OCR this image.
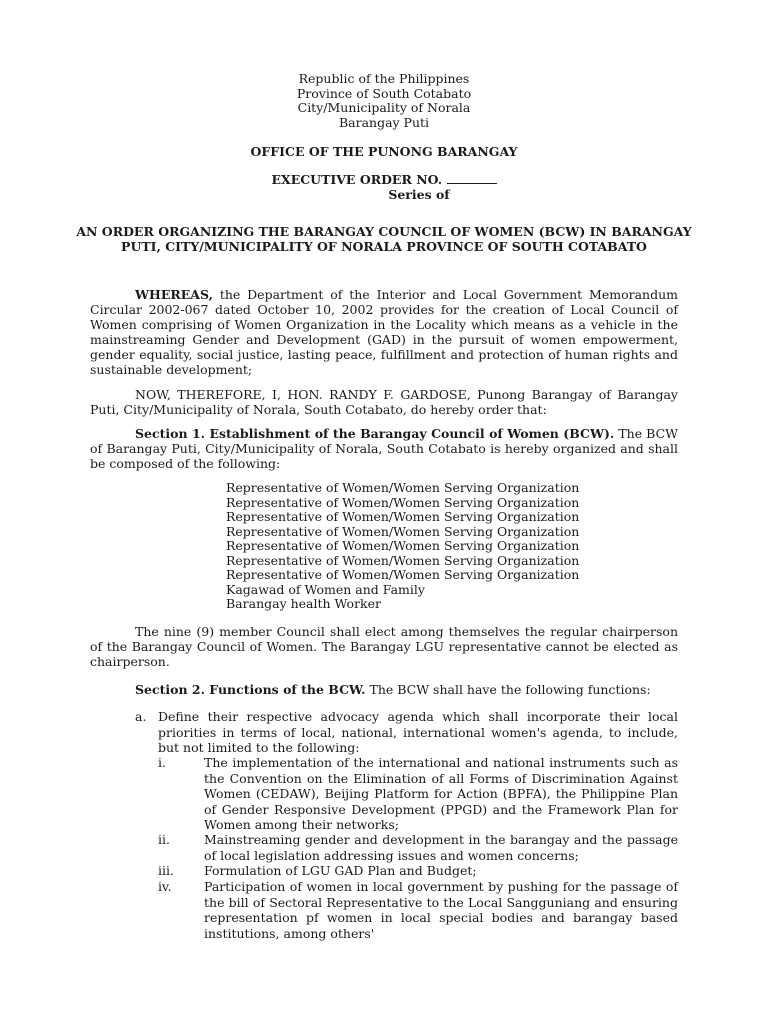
Republic of the Philippines
Province of South Cotabato
City/Municipality of Norala
Barangay Puti
OFFICE OF THE PUNONG BARANGAY
EXECUTIVE ORDER NO.
Series of
AN ORDER ORGANIZING THE BARANGAY COUNCIL OF WOMEN (BCW) IN BARANGAY
PUTI, CITY/MUNICIPALITY OF NORALA PROVINCE OF SOUTH COTABATO
WHEREAS, the Department of the Interior and Local Government Memorandum Circular 2002-067 dated October 10, 2002 provides for the creation of Local Council of Women comprising of Women Organization in the Locality which means as a vehicle in the mainstreaming Gender and Development (GAD) in the pursuit of women empowerment, gender equality, social justice, lasting peace, fulfillment and protection of human rights and sustainable development;
NOW, THEREFORE, I, HON. RANDY F. GARDOSE, Punong Barangay of Barangay Puti, City/Municipality of Norala, South Cotabato, do hereby order that:
Section 1. Establishment of the Barangay Council of Women (BCW). The BCW of Barangay Puti, City/Municipality of Norala, South Cotabato is hereby organized and shall be composed of the following:
Representative of Women/Women Serving Organization
Representative of Women/Women Serving Organization
Representative of Women/Women Serving Organization
Representative of Women/Women Serving Organization
Representative of Women/Women Serving Organization
Representative of Women/Women Serving Organization
Representative of Women/Women Serving Organization
Kagawad of Women and Family
Barangay health Worker
The nine (9) member Council shall elect among themselves the regular chairperson of the Barangay Council of Women. The Barangay LGU representative cannot be elected as chairperson.
Section 2. Functions of the BCW. The BCW shall have the following functions:
a. Define their respective advocacy agenda which shall incorporate their local priorities in terms of local, national, international women's agenda, to include, but not limited to the following:
i.	The implementation of the international and national instruments such as the Convention on the Elimination of all Forms of Discrimination Against Women (CEDAW), Beijing Platform for Action (BPFA), the Philippine Plan of Gender Responsive Development (PPGD) and the Framework Plan for Women among their networks;
ii.	Mainstreaming gender and development in the barangay and the passage of local legislation addressing issues and women concerns;
iii. Formulation of LGU GAD Plan and Budget;
iv.	Participation of women in local government by pushing for the passage of the bill of Sectoral Representative to the Local Sangguniang and ensuring representation pf women in local special bodies and barangay based institutions, among others'
